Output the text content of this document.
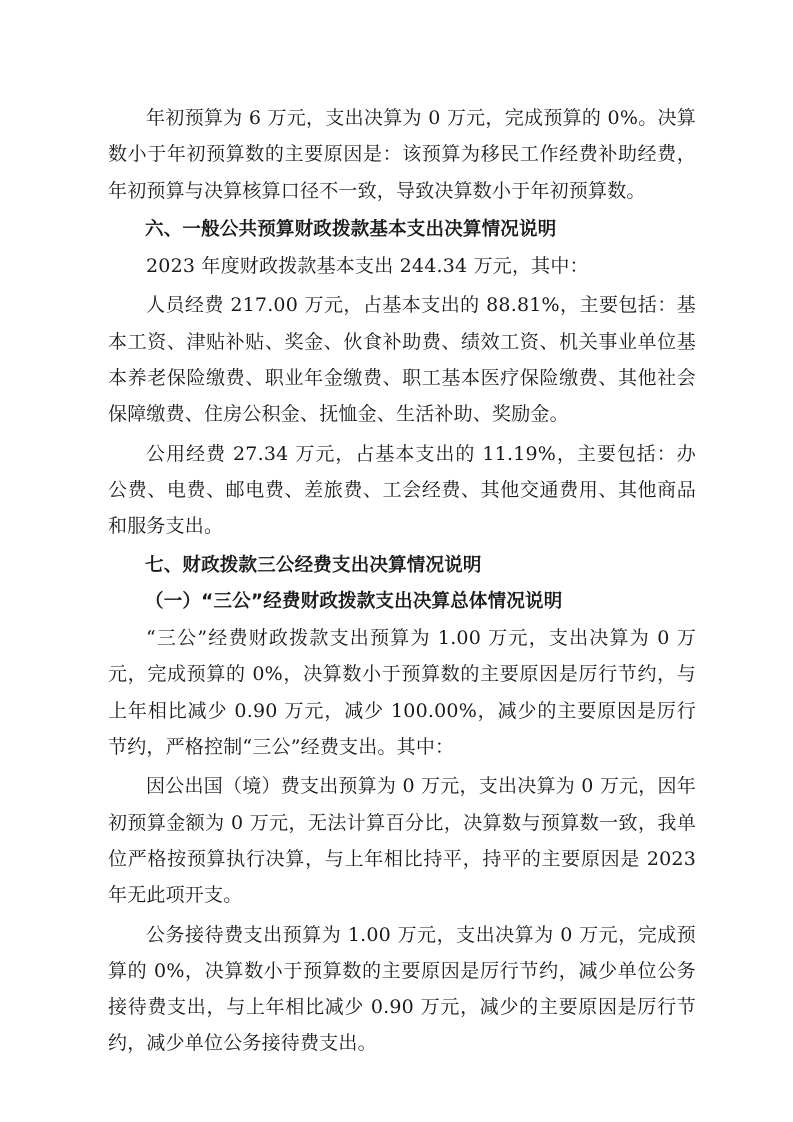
年初预算为 6 万元，支出决算为 0 万元，完成预算的 0%。决算数小于年初预算数的主要原因是：该预算为移民工作经费补助经费，年初预算与决算核算口径不一致，导致决算数小于年初预算数。

六、一般公共预算财政拨款基本支出决算情况说明

2023 年度财政拨款基本支出 244.34 万元，其中：

人员经费 217.00 万元，占基本支出的 88.81%，主要包括：基本工资、津贴补贴、奖金、伙食补助费、绩效工资、机关事业单位基本养老保险缴费、职业年金缴费、职工基本医疗保险缴费、其他社会保障缴费、住房公积金、抚恤金、生活补助、奖励金。

公用经费 27.34 万元，占基本支出的 11.19%，主要包括：办公费、电费、邮电费、差旅费、工会经费、其他交通费用、其他商品和服务支出。

七、财政拨款三公经费支出决算情况说明

（一）“三公”经费财政拨款支出决算总体情况说明

“三公”经费财政拨款支出预算为 1.00 万元，支出决算为 0 万元，完成预算的 0%，决算数小于预算数的主要原因是厉行节约，与上年相比减少 0.90 万元，减少 100.00%，减少的主要原因是厉行节约，严格控制“三公”经费支出。其中：

因公出国（境）费支出预算为 0 万元，支出决算为 0 万元，因年初预算金额为 0 万元，无法计算百分比，决算数与预算数一致，我单位严格按预算执行决算，与上年相比持平，持平的主要原因是 2023 年无此项开支。

公务接待费支出预算为 1.00 万元，支出决算为 0 万元，完成预算的 0%，决算数小于预算数的主要原因是厉行节约，减少单位公务接待费支出，与上年相比减少 0.90 万元，减少的主要原因是厉行节约，减少单位公务接待费支出。
